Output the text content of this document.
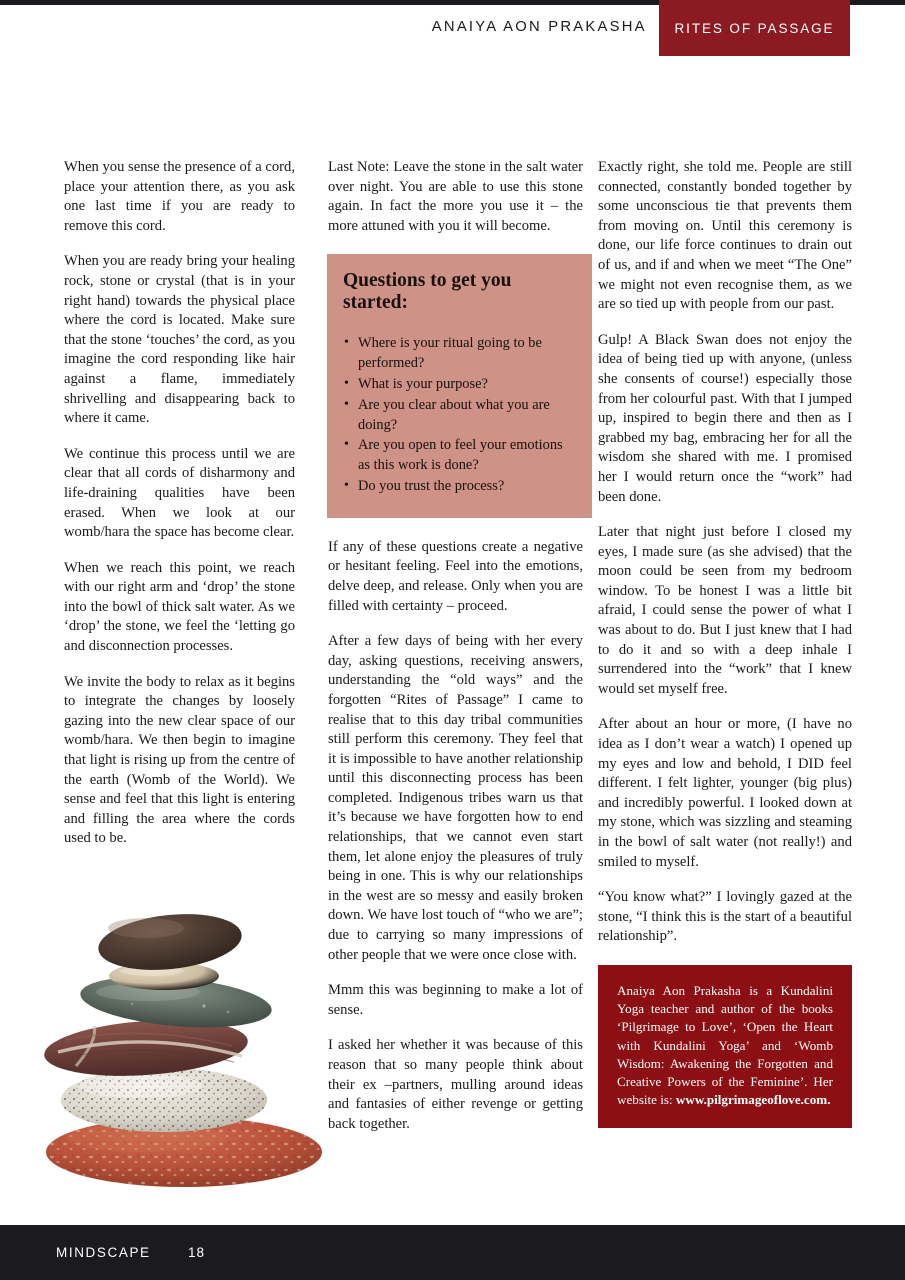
ANAIYA AON PRAKASHA RITES OF PASSAGE

When you sense the presence of a cord, place your attention there, as you ask one last time if you are ready to remove this cord.

When you are ready bring your healing rock, stone or crystal (that is in your right hand) towards the physical place where the cord is located. Make sure that the stone ‘touches’ the cord, as you imagine the cord responding like hair against a flame, immediately shrivelling and disappearing back to where it came.

We continue this process until we are clear that all cords of disharmony and life-draining qualities have been erased. When we look at our womb/hara the space has become clear.

When we reach this point, we reach with our right arm and ‘drop’ the stone into the bowl of thick salt water. As we ‘drop’ the stone, we feel the ‘letting go and disconnection processes.

We invite the body to relax as it begins to integrate the changes by loosely gazing into the new clear space of our womb/hara. We then begin to imagine that light is rising up from the centre of the earth (Womb of the World). We sense and feel that this light is entering and filling the area where the cords used to be.

Last Note: Leave the stone in the salt water over night. You are able to use this stone again. In fact the more you use it – the more attuned with you it will become.

Questions to get you started:
• Where is your ritual going to be performed?
• What is your purpose?
• Are you clear about what you are doing?
• Are you open to feel your emotions as this work is done?
• Do you trust the process?

If any of these questions create a negative or hesitant feeling. Feel into the emotions, delve deep, and release. Only when you are filled with certainty – proceed.

After a few days of being with her every day, asking questions, receiving answers, understanding the “old ways” and the forgotten “Rites of Passage” I came to realise that to this day tribal communities still perform this ceremony. They feel that it is impossible to have another relationship until this disconnecting process has been completed. Indigenous tribes warn us that it’s because we have forgotten how to end relationships, that we cannot even start them, let alone enjoy the pleasures of truly being in one. This is why our relationships in the west are so messy and easily broken down. We have lost touch of “who we are”; due to carrying so many impressions of other people that we were once close with.

Mmm this was beginning to make a lot of sense.

I asked her whether it was because of this reason that so many people think about their ex –partners, mulling around ideas and fantasies of either revenge or getting back together.

Exactly right, she told me. People are still connected, constantly bonded together by some unconscious tie that prevents them from moving on. Until this ceremony is done, our life force continues to drain out of us, and if and when we meet “The One” we might not even recognise them, as we are so tied up with people from our past.

Gulp! A Black Swan does not enjoy the idea of being tied up with anyone, (unless she consents of course!) especially those from her colourful past. With that I jumped up, inspired to begin there and then as I grabbed my bag, embracing her for all the wisdom she shared with me. I promised her I would return once the “work” had been done.

Later that night just before I closed my eyes, I made sure (as she advised) that the moon could be seen from my bedroom window. To be honest I was a little bit afraid, I could sense the power of what I was about to do. But I just knew that I had to do it and so with a deep inhale I surrendered into the “work” that I knew would set myself free.

After about an hour or more, (I have no idea as I don’t wear a watch) I opened up my eyes and low and behold, I DID feel different. I felt lighter, younger (big plus) and incredibly powerful. I looked down at my stone, which was sizzling and steaming in the bowl of salt water (not really!) and smiled to myself.

“You know what?” I lovingly gazed at the stone, “I think this is the start of a beautiful relationship”.

Anaiya Aon Prakasha is a Kundalini Yoga teacher and author of the books ‘Pilgrimage to Love’, ‘Open the Heart with Kundalini Yoga’ and ‘Womb Wisdom: Awakening the Forgotten and Creative Powers of the Feminine’. Her website is: www.pilgrimageoflove.com.

MINDSCAPE	18
